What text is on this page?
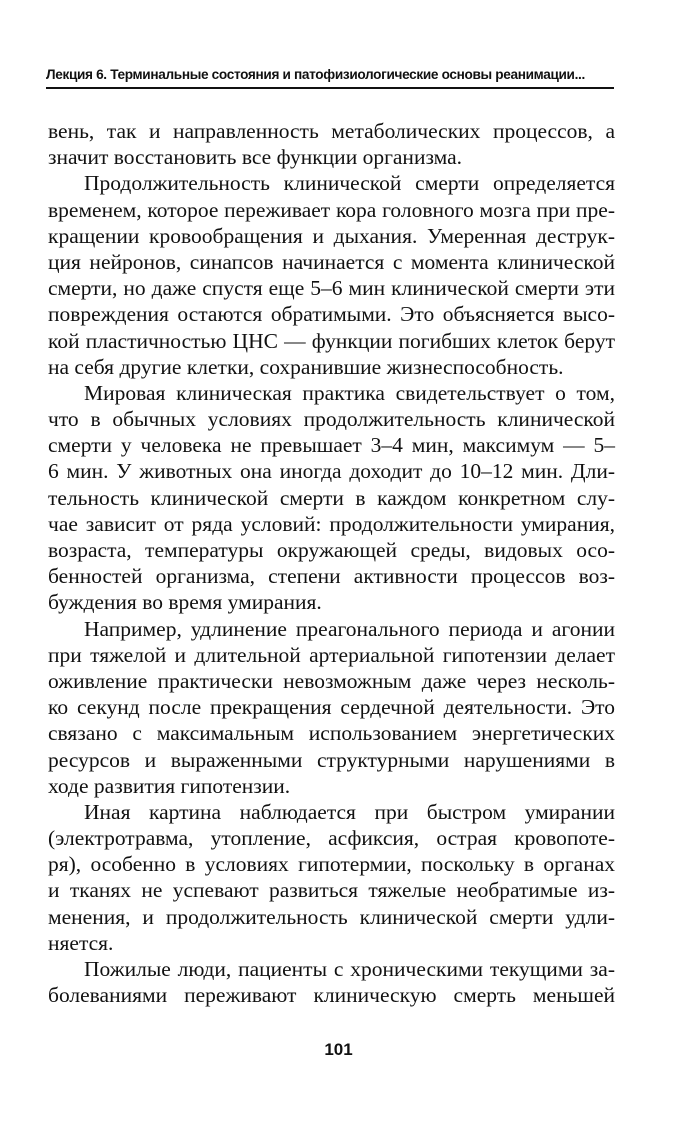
Лекция 6. Терминальные состояния и патофизиологические основы реанимации...
вень, так и направленность метаболических процессов, а
значит восстановить все функции организма.
Продолжительность клинической смерти определяется
временем, которое переживает кора головного мозга при пре-
кращении кровообращения и дыхания. Умеренная деструк-
ция нейронов, синапсов начинается с момента клинической
смерти, но даже спустя еще 5–6 мин клинической смерти эти
повреждения остаются обратимыми. Это объясняется высо-
кой пластичностью ЦНС — функции погибших клеток берут
на себя другие клетки, сохранившие жизнеспособность.
Мировая клиническая практика свидетельствует о том,
что в обычных условиях продолжительность клинической
смерти у человека не превышает 3–4 мин, максимум — 5–
6 мин. У животных она иногда доходит до 10–12 мин. Дли-
тельность клинической смерти в каждом конкретном слу-
чае зависит от ряда условий: продолжительности умирания,
возраста, температуры окружающей среды, видовых осо-
бенностей организма, степени активности процессов воз-
буждения во время умирания.
Например, удлинение преагонального периода и агонии
при тяжелой и длительной артериальной гипотензии делает
оживление практически невозможным даже через несколь-
ко секунд после прекращения сердечной деятельности. Это
связано с максимальным использованием энергетических
ресурсов и выраженными структурными нарушениями в
ходе развития гипотензии.
Иная картина наблюдается при быстром умирании
(электротравма, утопление, асфиксия, острая кровопоте-
ря), особенно в условиях гипотермии, поскольку в органах
и тканях не успевают развиться тяжелые необратимые из-
менения, и продолжительность клинической смерти удли-
няется.
Пожилые люди, пациенты с хроническими текущими за-
болеваниями переживают клиническую смерть меньшей
101
